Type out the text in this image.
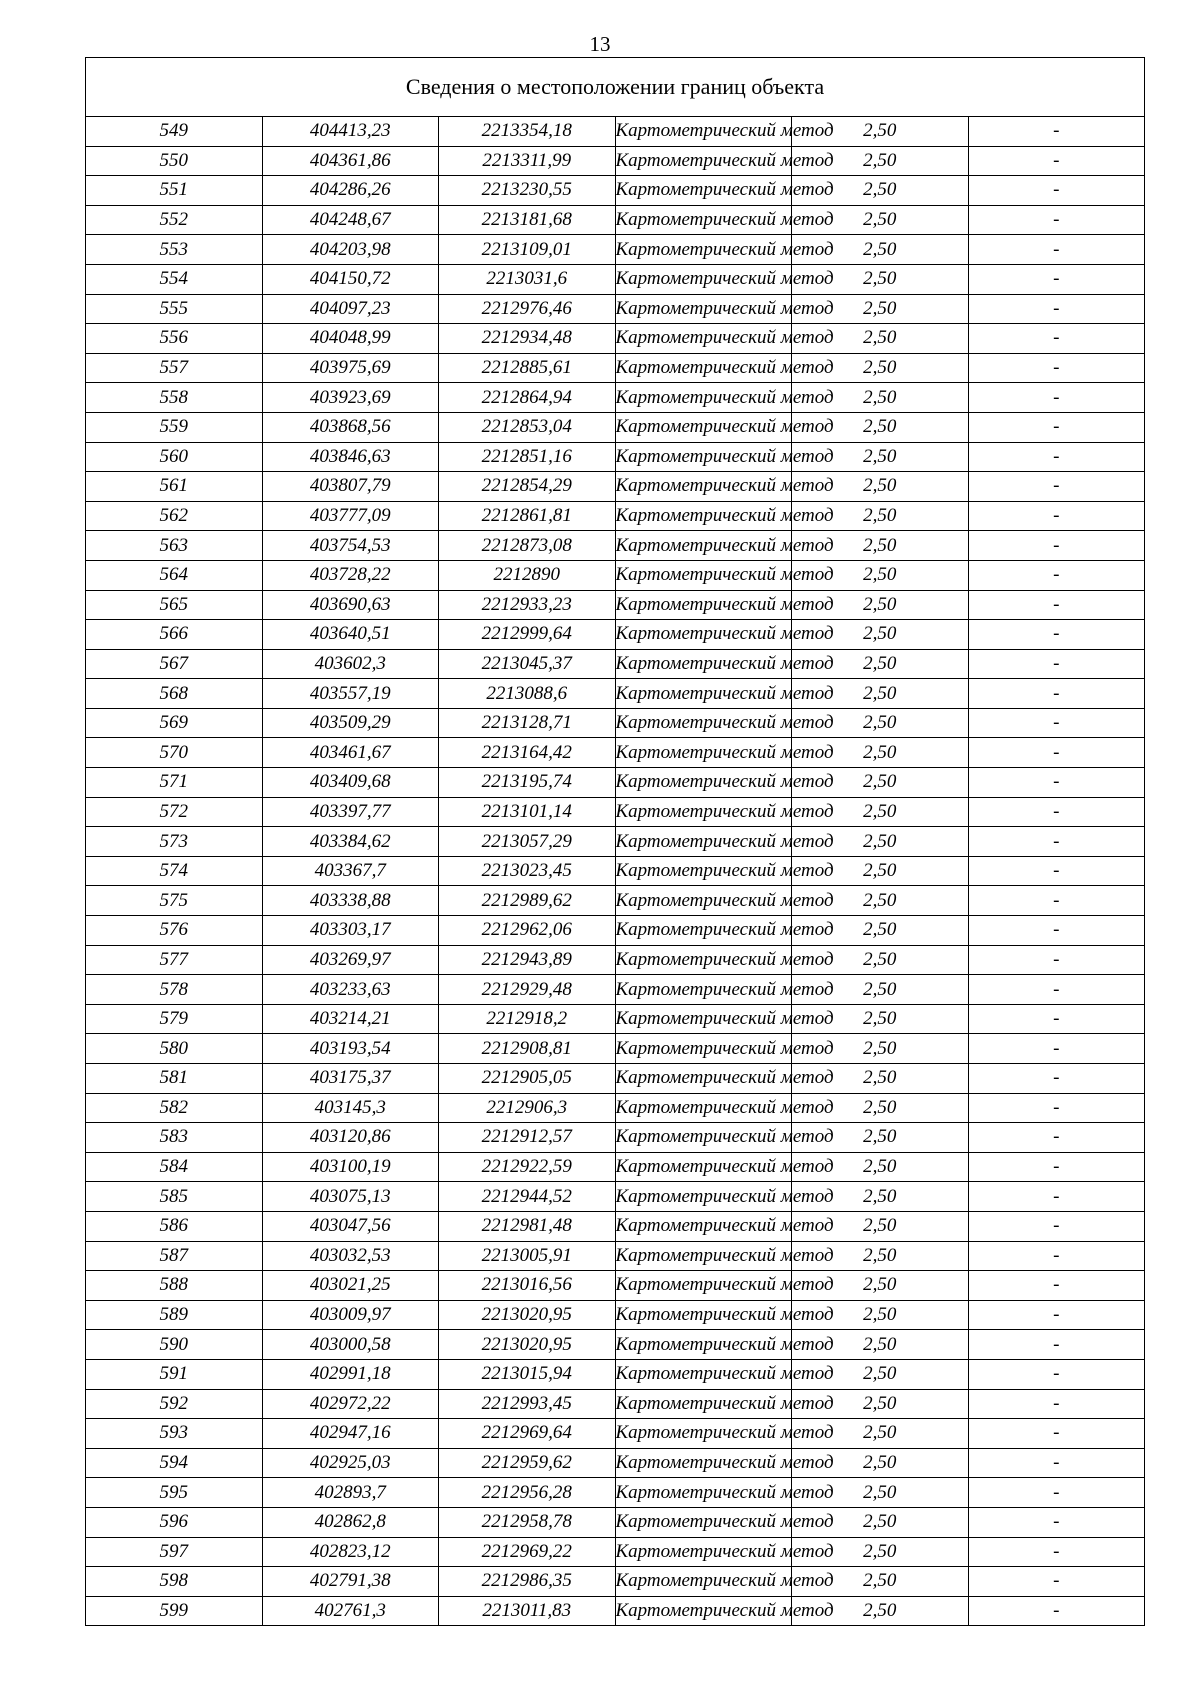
13
Сведения о местоположении границ объекта					
549	404413,23	2213354,18	Картометрический метод	2,50	-
550	404361,86	2213311,99	Картометрический метод	2,50	-
551	404286,26	2213230,55	Картометрический метод	2,50	-
552	404248,67	2213181,68	Картометрический метод	2,50	-
553	404203,98	2213109,01	Картометрический метод	2,50	-
554	404150,72	2213031,6	Картометрический метод	2,50	-
555	404097,23	2212976,46	Картометрический метод	2,50	-
556	404048,99	2212934,48	Картометрический метод	2,50	-
557	403975,69	2212885,61	Картометрический метод	2,50	-
558	403923,69	2212864,94	Картометрический метод	2,50	-
559	403868,56	2212853,04	Картометрический метод	2,50	-
560	403846,63	2212851,16	Картометрический метод	2,50	-
561	403807,79	2212854,29	Картометрический метод	2,50	-
562	403777,09	2212861,81	Картометрический метод	2,50	-
563	403754,53	2212873,08	Картометрический метод	2,50	-
564	403728,22	2212890	Картометрический метод	2,50	-
565	403690,63	2212933,23	Картометрический метод	2,50	-
566	403640,51	2212999,64	Картометрический метод	2,50	-
567	403602,3	2213045,37	Картометрический метод	2,50	-
568	403557,19	2213088,6	Картометрический метод	2,50	-
569	403509,29	2213128,71	Картометрический метод	2,50	-
570	403461,67	2213164,42	Картометрический метод	2,50	-
571	403409,68	2213195,74	Картометрический метод	2,50	-
572	403397,77	2213101,14	Картометрический метод	2,50	-
573	403384,62	2213057,29	Картометрический метод	2,50	-
574	403367,7	2213023,45	Картометрический метод	2,50	-
575	403338,88	2212989,62	Картометрический метод	2,50	-
576	403303,17	2212962,06	Картометрический метод	2,50	-
577	403269,97	2212943,89	Картометрический метод	2,50	-
578	403233,63	2212929,48	Картометрический метод	2,50	-
579	403214,21	2212918,2	Картометрический метод	2,50	-
580	403193,54	2212908,81	Картометрический метод	2,50	-
581	403175,37	2212905,05	Картометрический метод	2,50	-
582	403145,3	2212906,3	Картометрический метод	2,50	-
583	403120,86	2212912,57	Картометрический метод	2,50	-
584	403100,19	2212922,59	Картометрический метод	2,50	-
585	403075,13	2212944,52	Картометрический метод	2,50	-
586	403047,56	2212981,48	Картометрический метод	2,50	-
587	403032,53	2213005,91	Картометрический метод	2,50	-
588	403021,25	2213016,56	Картометрический метод	2,50	-
589	403009,97	2213020,95	Картометрический метод	2,50	-
590	403000,58	2213020,95	Картометрический метод	2,50	-
591	402991,18	2213015,94	Картометрический метод	2,50	-
592	402972,22	2212993,45	Картометрический метод	2,50	-
593	402947,16	2212969,64	Картометрический метод	2,50	-
594	402925,03	2212959,62	Картометрический метод	2,50	-
595	402893,7	2212956,28	Картометрический метод	2,50	-
596	402862,8	2212958,78	Картометрический метод	2,50	-
597	402823,12	2212969,22	Картометрический метод	2,50	-
598	402791,38	2212986,35	Картометрический метод	2,50	-
599	402761,3	2213011,83	Картометрический метод	2,50	-
